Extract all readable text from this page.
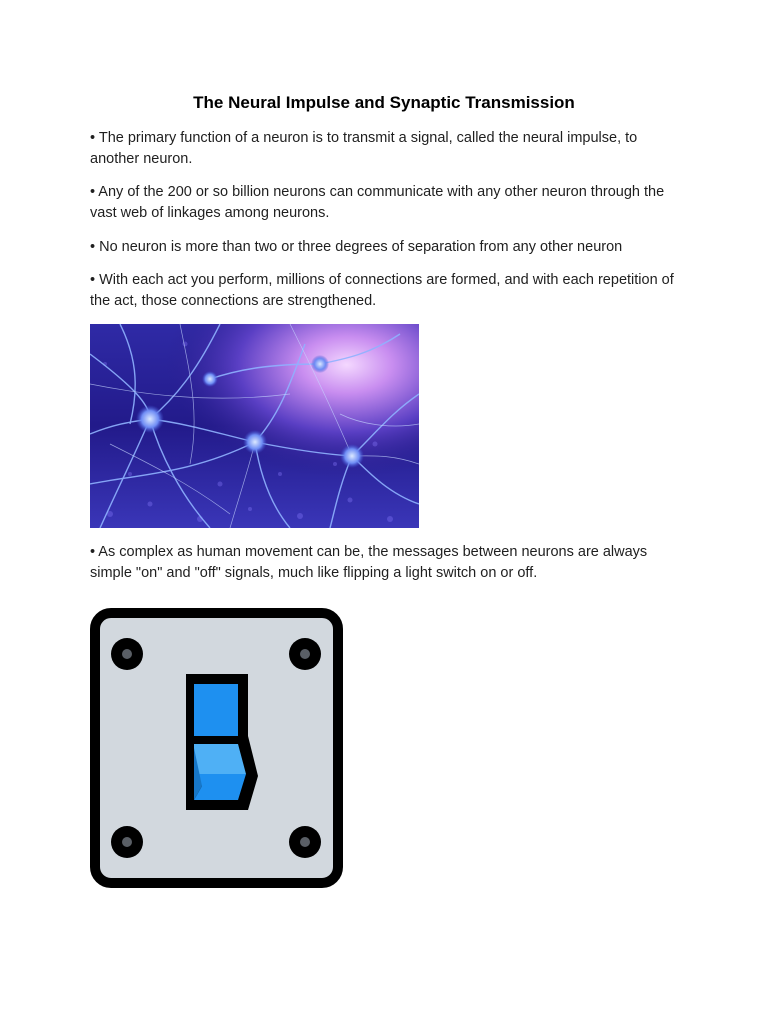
The Neural Impulse and Synaptic Transmission

• The primary function of a neuron is to transmit a signal, called the neural impulse, to another neuron.

• Any of the 200 or so billion neurons can communicate with any other neuron through the vast web of linkages among neurons.

• No neuron is more than two or three degrees of separation from any other neuron

• With each act you perform, millions of connections are formed, and with each repetition of the act, those connections are strengthened.

• As complex as human movement can be, the messages between neurons are always simple "on" and "off" signals, much like flipping a light switch on or off.
